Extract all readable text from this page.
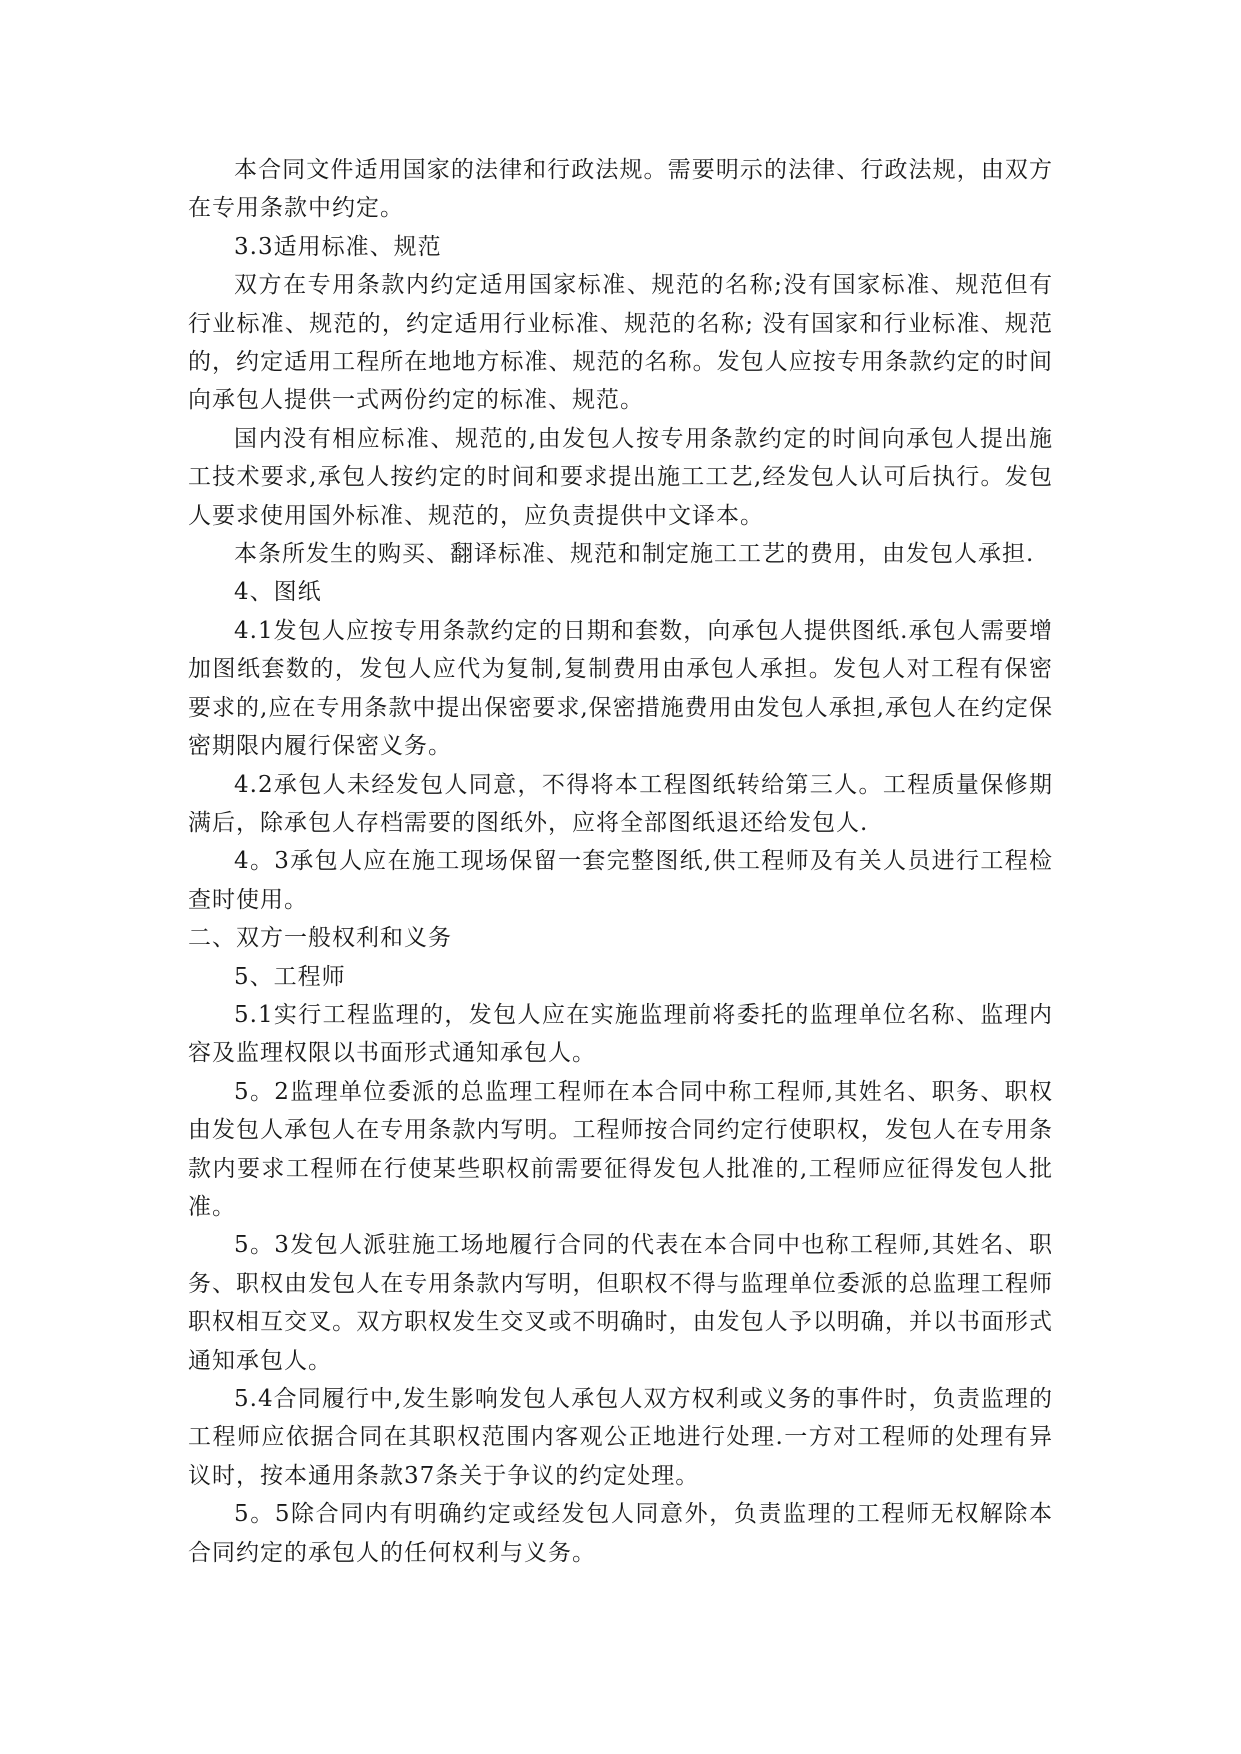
本合同文件适用国家的法律和行政法规。需要明示的法律、行政法规，由双方在专用条款中约定。

3.3适用标准、规范

双方在专用条款内约定适用国家标准、规范的名称;没有国家标准、规范但有行业标准、规范的，约定适用行业标准、规范的名称; 没有国家和行业标准、规范的，约定适用工程所在地地方标准、规范的名称。发包人应按专用条款约定的时间向承包人提供一式两份约定的标准、规范。

国内没有相应标准、规范的,由发包人按专用条款约定的时间向承包人提出施工技术要求,承包人按约定的时间和要求提出施工工艺,经发包人认可后执行。发包人要求使用国外标准、规范的，应负责提供中文译本。

本条所发生的购买、翻译标准、规范和制定施工工艺的费用，由发包人承担.

4、图纸

4.1发包人应按专用条款约定的日期和套数，向承包人提供图纸.承包人需要增加图纸套数的，发包人应代为复制,复制费用由承包人承担。发包人对工程有保密要求的,应在专用条款中提出保密要求,保密措施费用由发包人承担,承包人在约定保密期限内履行保密义务。

4.2承包人未经发包人同意，不得将本工程图纸转给第三人。工程质量保修期满后，除承包人存档需要的图纸外，应将全部图纸退还给发包人.

4。3承包人应在施工现场保留一套完整图纸,供工程师及有关人员进行工程检查时使用。

二、双方一般权利和义务

5、工程师

5.1实行工程监理的，发包人应在实施监理前将委托的监理单位名称、监理内容及监理权限以书面形式通知承包人。

5。2监理单位委派的总监理工程师在本合同中称工程师,其姓名、职务、职权由发包人承包人在专用条款内写明。工程师按合同约定行使职权，发包人在专用条款内要求工程师在行使某些职权前需要征得发包人批准的,工程师应征得发包人批准。

5。3发包人派驻施工场地履行合同的代表在本合同中也称工程师,其姓名、职务、职权由发包人在专用条款内写明，但职权不得与监理单位委派的总监理工程师职权相互交叉。双方职权发生交叉或不明确时，由发包人予以明确，并以书面形式通知承包人。

5.4合同履行中,发生影响发包人承包人双方权利或义务的事件时，负责监理的工程师应依据合同在其职权范围内客观公正地进行处理.一方对工程师的处理有异议时，按本通用条款37条关于争议的约定处理。

5。5除合同内有明确约定或经发包人同意外，负责监理的工程师无权解除本合同约定的承包人的任何权利与义务。
